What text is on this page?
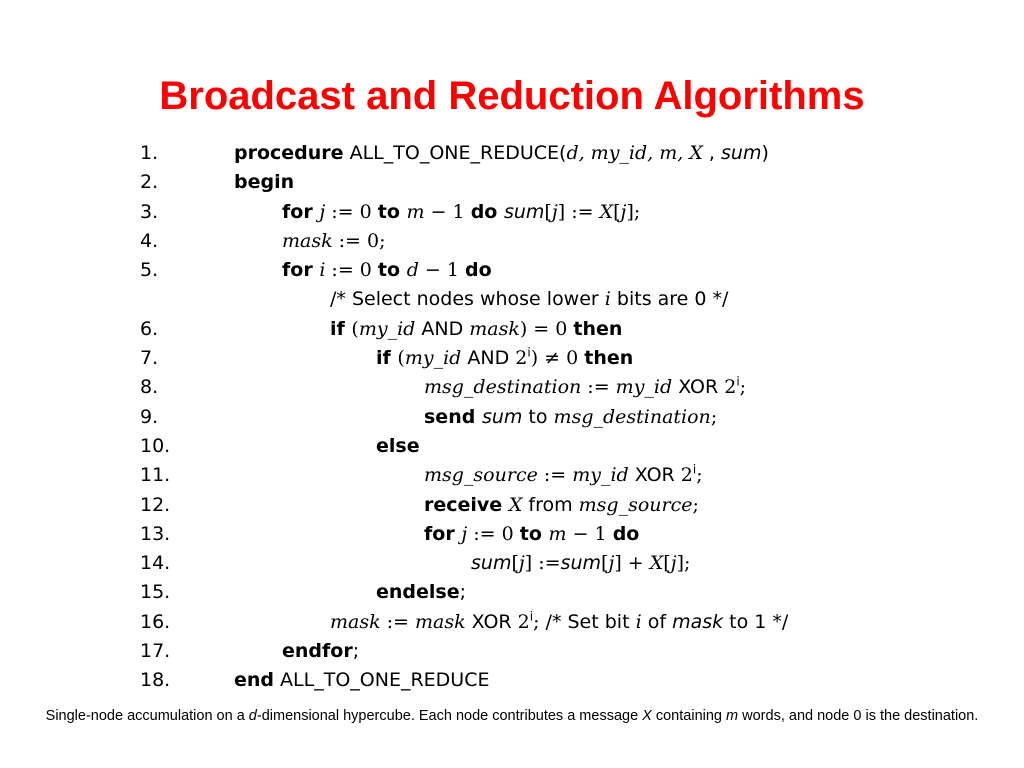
Broadcast and Reduction Algorithms
1.	procedure ALL_TO_ONE_REDUCE(d, my_id, m, X , sum)
2.	begin
3.	for j := 0 to m − 1 do sum[j] := X[j];
4.	mask := 0;
5.	for i := 0 to d − 1 do
/* Select nodes whose lower i bits are 0 */
6.	if (my_id AND mask) = 0 then
7.	if (my_id AND $2^i) \ne 0$ then
8.	msg_destination := my_id XOR 2$^i$;
9.	send sum to msg_destination;
10.	else
11.	msg_source := my_id XOR 2$^i$;
12.	receive X from msg_source;
13.	for j := 0 to m − 1 do
14.	sum[j] :=sum[j] + X[j];
15.	endelse;
16.	mask := mask XOR 2$^i$; /* Set bit i of mask to 1 */
17.	endfor;
18.	end ALL_TO_ONE_REDUCE
Single-node accumulation on a d-dimensional hypercube. Each node contributes a message X containing m words, and node 0 is the destination.
